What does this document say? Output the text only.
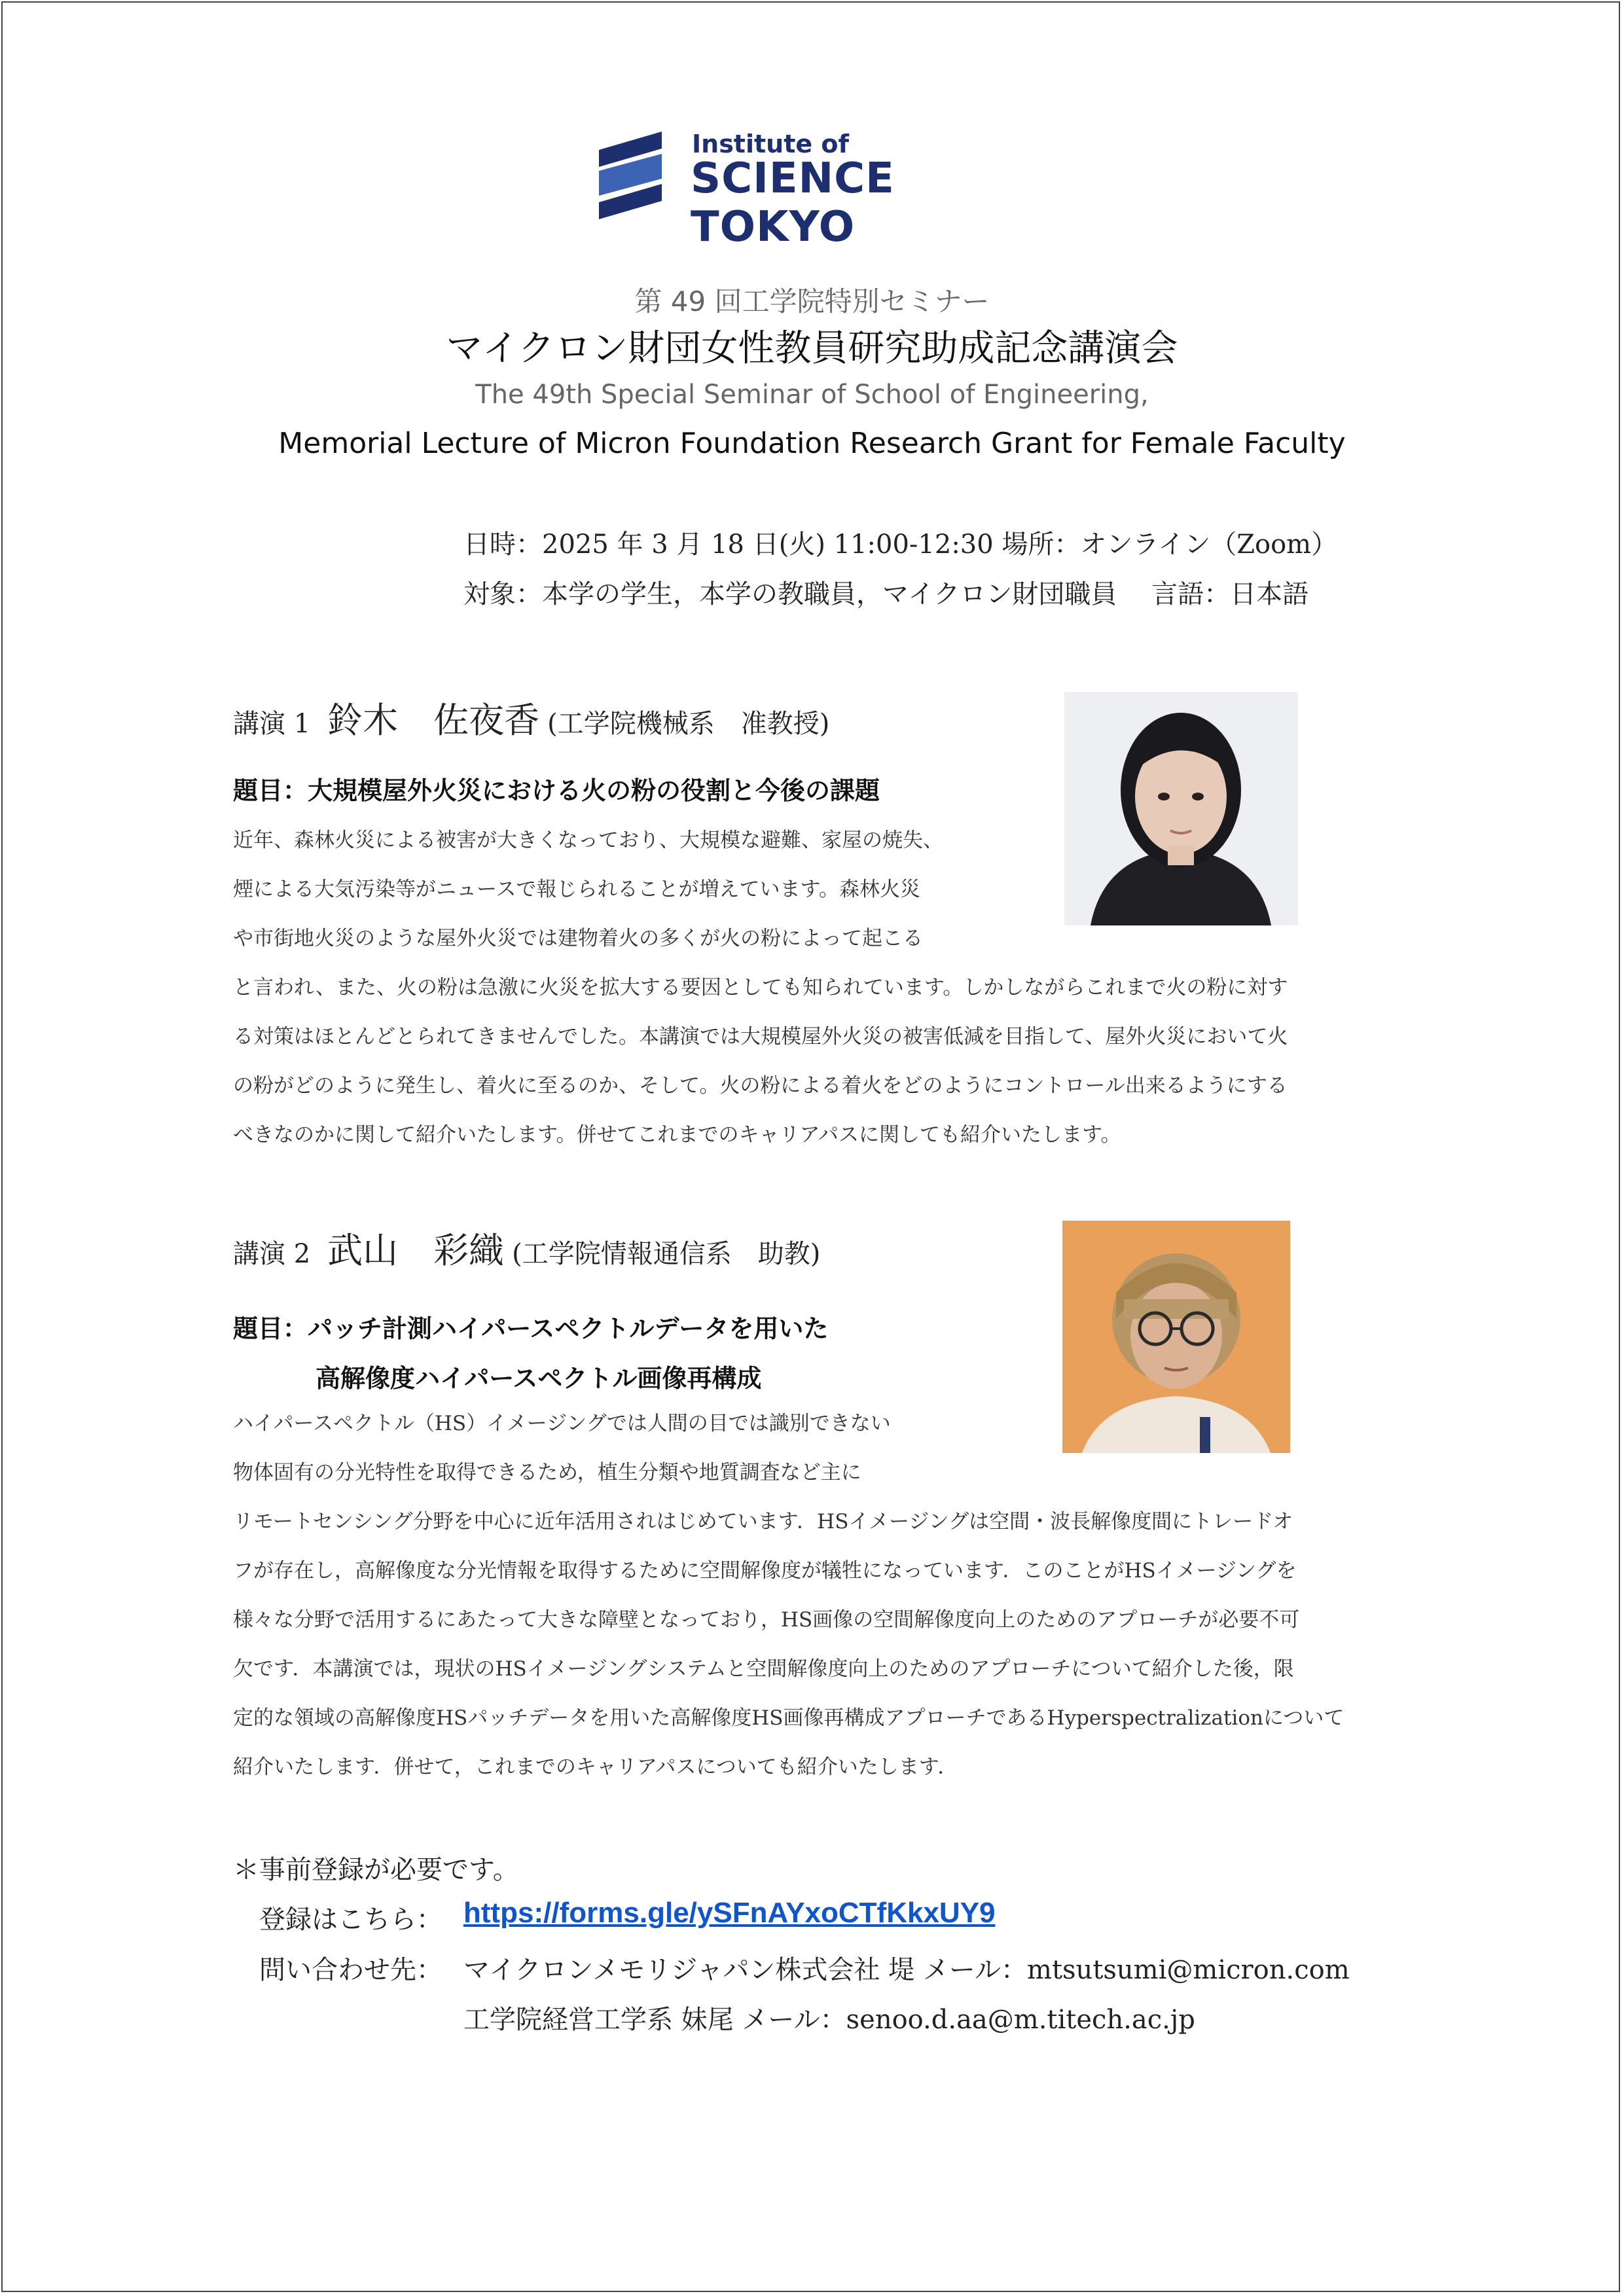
Institute of
SCIENCE TOKYO
第 49 回工学院特別セミナー
マイクロン財団女性教員研究助成記念講演会
The 49th Special Seminar of School of Engineering,
Memorial Lecture of Micron Foundation Research Grant for Female Faculty
日時：2025 年 3 月 18 日(火) 11:00-12:30 場所：オンライン（Zoom）
対象：本学の学生，本学の教職員，マイクロン財団職員　 言語：日本語
講演 1 鈴木　佐夜香 (工学院機械系　准教授)
題目：大規模屋外火災における火の粉の役割と今後の課題
近年、森林火災による被害が大きくなっており、大規模な避難、家屋の焼失、
煙による大気汚染等がニュースで報じられることが増えています。森林火災
や市街地火災のような屋外火災では建物着火の多くが火の粉によって起こる
と言われ、また、火の粉は急激に火災を拡大する要因としても知られています。しかしながらこれまで火の粉に対す
る対策はほとんどとられてきませんでした。本講演では大規模屋外火災の被害低減を目指して、屋外火災において火
の粉がどのように発生し、着火に至るのか、そして。火の粉による着火をどのようにコントロール出来るようにする
べきなのかに関して紹介いたします。併せてこれまでのキャリアパスに関しても紹介いたします。
講演 2 武山　彩織 (工学院情報通信系　助教)
題目：パッチ計測ハイパースペクトルデータを用いた
高解像度ハイパースペクトル画像再構成
ハイパースペクトル（HS）イメージングでは人間の目では識別できない
物体固有の分光特性を取得できるため，植生分類や地質調査など主に
リモートセンシング分野を中心に近年活用されはじめています．HSイメージングは空間・波長解像度間にトレードオ
フが存在し，高解像度な分光情報を取得するために空間解像度が犠牲になっています．このことがHSイメージングを
様々な分野で活用するにあたって大きな障壁となっており，HS画像の空間解像度向上のためのアプローチが必要不可
欠です．本講演では，現状のHSイメージングシステムと空間解像度向上のためのアプローチについて紹介した後，限
定的な領域の高解像度HSパッチデータを用いた高解像度HS画像再構成アプローチであるHyperspectralizationについて
紹介いたします．併せて，これまでのキャリアパスについても紹介いたします．
＊事前登録が必要です。
登録はこちら： https://forms.gle/ySFnAYxoCTfKkxUY9
問い合わせ先： マイクロンメモリジャパン株式会社 堤 メール：mtsutsumi@micron.com
工学院経営工学系 妹尾 メール：senoo.d.aa@m.titech.ac.jp
